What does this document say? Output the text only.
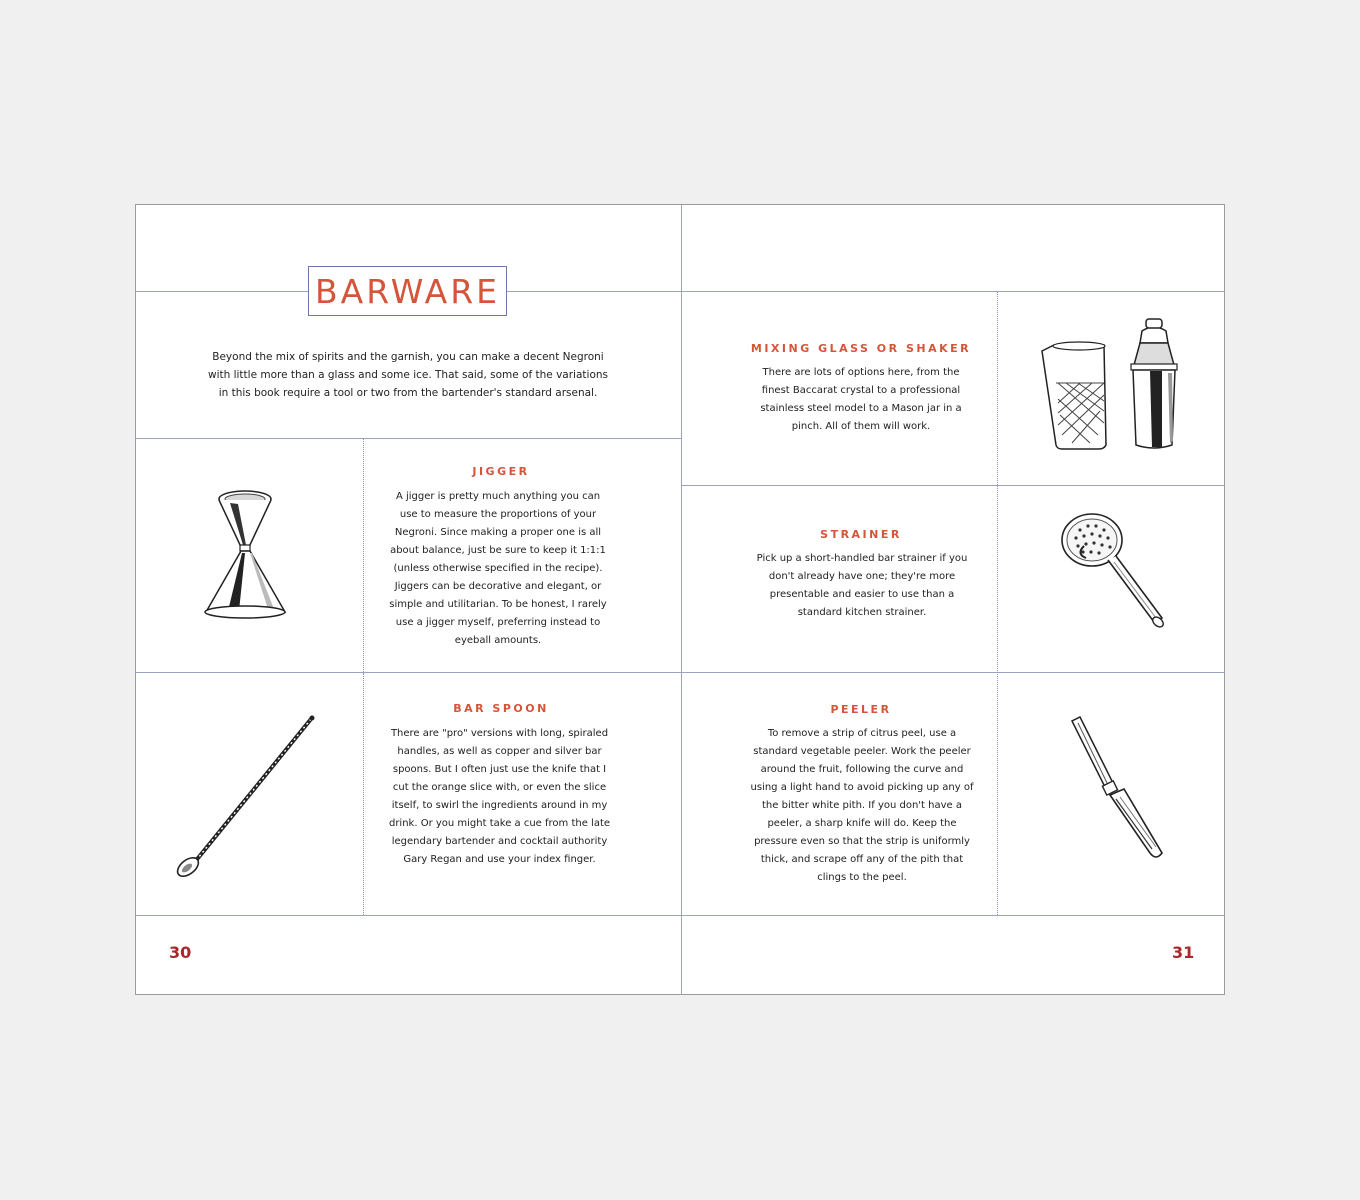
BARWARE
Beyond the mix of spirits and the garnish, you can make a decent Negroni with little more than a glass and some ice. That said, some of the variations in this book require a tool or two from the bartender's standard arsenal.
JIGGER
A jigger is pretty much anything you can use to measure the proportions of your Negroni. Since making a proper one is all about balance, just be sure to keep it 1:1:1 (unless otherwise specified in the recipe). Jiggers can be decorative and elegant, or simple and utilitarian. To be honest, I rarely use a jigger myself, preferring instead to eyeball amounts.
BAR SPOON
There are "pro" versions with long, spiraled handles, as well as copper and silver bar spoons. But I often just use the knife that I cut the orange slice with, or even the slice itself, to swirl the ingredients around in my drink. Or you might take a cue from the late legendary bartender and cocktail authority Gary Regan and use your index finger.
MIXING GLASS OR SHAKER
There are lots of options here, from the finest Baccarat crystal to a professional stainless steel model to a Mason jar in a pinch. All of them will work.
STRAINER
Pick up a short-handled bar strainer if you don't already have one; they're more presentable and easier to use than a standard kitchen strainer.
PEELER
To remove a strip of citrus peel, use a standard vegetable peeler. Work the peeler around the fruit, following the curve and using a light hand to avoid picking up any of the bitter white pith. If you don't have a peeler, a sharp knife will do. Keep the pressure even so that the strip is uniformly thick, and scrape off any of the pith that clings to the peel.
30	31
